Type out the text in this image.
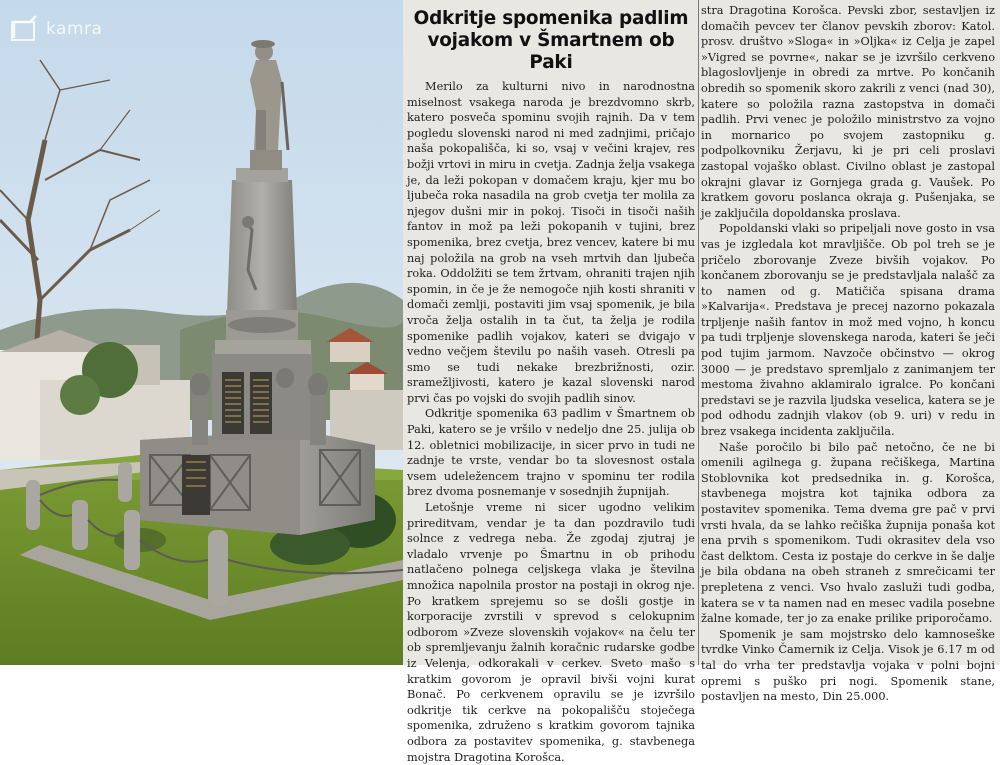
kamra	Odkritje spomenika padlim vojakom v Šmartnem ob Paki

Merilo za kulturni nivo in narodnostna miselnost vsakega naroda je brezdvomno skrb, katero posveča spominu svojih rajnih. Da v tem pogledu slovenski narod ni med zadnjimi, pričajo naša pokopališča, ki so, vsaj v večini krajev, res božji vrtovi in miru in cvetja. Zadnja želja vsakega je, da leži pokopan v domačem kraju, kjer mu bo ljubeča roka nasadila na grob cvetja ter molila za njegov dušni mir in pokoj. Tisoči in tisoči naših fantov in mož pa leži pokopanih v tujini, brez spomenika, brez cvetja, brez vencev, katere bi mu naj položila na grob na vseh mrtvih dan ljubeča roka. Oddolžiti se tem žrtvam, ohraniti trajen njih spomin, in če je že nemogoče njih kosti shraniti v domači zemlji, postaviti jim vsaj spomenik, je bila vroča želja ostalih in ta čut, ta želja je rodila spomenike padlih vojakov, kateri se dvigajo v vedno večjem številu po naših vaseh. Otresli pa smo se tudi nekake brezbrižnosti, ozir. sramežljivosti, katero je kazal slovenski narod prvi čas po vojski do svojih padlih sinov.

Odkritje spomenika 63 padlim v Šmartnem ob Paki, katero se je vršilo v nedeljo dne 25. julija ob 12. obletnici mobilizacije, in sicer prvo in tudi ne zadnje te vrste, vendar bo ta slovesnost ostala vsem udeležencem trajno v spominu ter rodila brez dvoma posnemanje v sosednjih župnijah.

Letošnje vreme ni sicer ugodno velikim prireditvam, vendar je ta dan pozdravilo tudi solnce z vedrega neba. Že zgodaj zjutraj je vladalo vrvenje po Šmartnu in ob prihodu natlačeno polnega celjskega vlaka je številna množica napolnila prostor na postaji in okrog nje. Po kratkem sprejemu so se došli gostje in korporacije zvrstili v sprevod s celokupnim odborom »Zveze slovenskih vojakov« na čelu ter ob spremljevanju žalnih koračnic rudarske godbe iz Velenja, odkorakali v cerkev. Sveto mašo s kratkim govorom je opravil bivši vojni kurat Bonač. Po cerkvenem opravilu se je izvršilo odkritje tik cerkve na pokopališču stoječega spomenika, združeno s kratkim govorom tajnika odbora za postavitev spomenika, g. stavbenega mojstra Dragotina Korošca.

stra Dragotina Korošca. Pevski zbor, sestavljen iz domačih pevcev ter članov pevskih zborov: Katol. prosv. društvo »Sloga« in »Oljka« iz Celja je zapel »Vigred se povrne«, nakar se je izvršilo cerkveno blagoslovljenje in obredi za mrtve. Po končanih obredih so spomenik skoro zakrili z venci (nad 30), katere so položila razna zastopstva in domači padlih. Prvi venec je položilo ministrstvo za vojno in mornarico po svojem zastopniku g. podpolkovniku Žerjavu, ki je pri celi proslavi zastopal vojaško oblast. Civilno oblast je zastopal okrajni glavar iz Gornjega grada g. Vaušek. Po kratkem govoru poslanca okraja g. Pušenjaka, se je zaključila dopoldanska proslava.

Popoldanski vlaki so pripeljali nove gosto in vsa vas je izgledala kot mravljišče. Ob pol treh se je pričelo zborovanje Zveze bivših vojakov. Po končanem zborovanju se je predstavljala nalašč za to namen od g. Matičiča spisana drama »Kalvarija«. Predstava je precej nazorno pokazala trpljenje naših fantov in mož med vojno, h koncu pa tudi trpljenje slovenskega naroda, kateri še ječi pod tujim jarmom. Navzoče občinstvo — okrog 3000 — je predstavo spremljalo z zanimanjem ter mestoma živahno aklamiralo igralce. Po končani predstavi se je razvila ljudska veselica, katera se je pod odhodu zadnjih vlakov (ob 9. uri) v redu in brez vsakega incidenta zaključila.

Naše poročilo bi bilo pač netočno, če ne bi omenili agilnega g. župana rečiškega, Martina Stoblovnika kot predsednika in. g. Korošca, stavbenega mojstra kot tajnika odbora za postavitev spomenika. Tema dvema gre pač v prvi vrsti hvala, da se lahko rečiška župnija ponaša kot ena prvih s spomenikom. Tudi okrasitev dela vso čast delktom. Cesta iz postaje do cerkve in še dalje je bila obdana na obeh straneh z smrečicami ter prepletena z venci. Vso hvalo zasluži tudi godba, katera se v ta namen nad en mesec vadila posebne žalne komade, ter jo za enake prilike priporočamo.

Spomenik je sam mojstrsko delo kamnoseške tvrdke Vinko Čamernik iz Celja. Visok je 6.17 m od tal do vrha ter predstavlja vojaka v polni bojni opremi s puško pri nogi. Spomenik stane, postavljen na mesto, Din 25.000.
